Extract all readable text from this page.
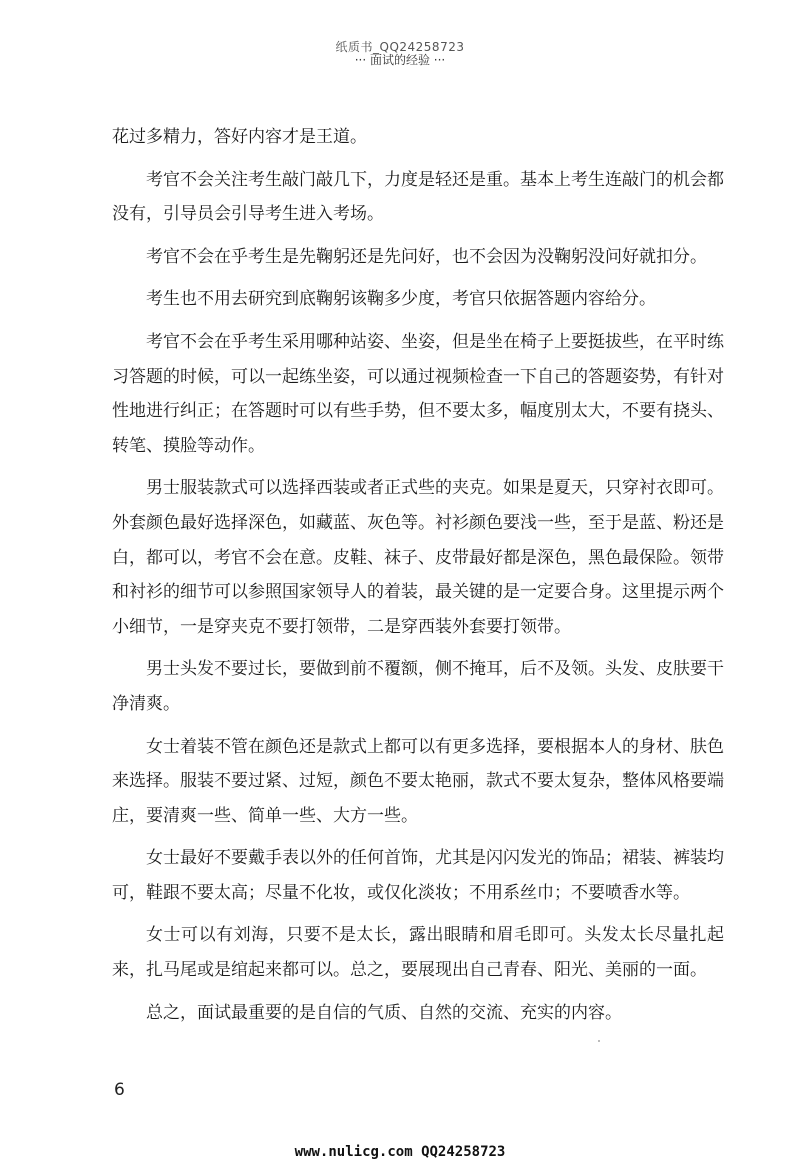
纸质书_QQ24258723
··· 面试的经验 ···

花过多精力，答好内容才是王道。

考官不会关注考生敲门敲几下，力度是轻还是重。基本上考生连敲门的机会都没有，引导员会引导考生进入考场。

考官不会在乎考生是先鞠躬还是先问好，也不会因为没鞠躬没问好就扣分。

考生也不用去研究到底鞠躬该鞠多少度，考官只依据答题内容给分。

考官不会在乎考生采用哪种站姿、坐姿，但是坐在椅子上要挺拔些，在平时练习答题的时候，可以一起练坐姿，可以通过视频检查一下自己的答题姿势，有针对性地进行纠正；在答题时可以有些手势，但不要太多，幅度別太大，不要有挠头、转笔、摸脸等动作。

男士服装款式可以选择西装或者正式些的夹克。如果是夏天，只穿衬衣即可。外套颜色最好选择深色，如藏蓝、灰色等。衬衫颜色要浅一些，至于是蓝、粉还是白，都可以，考官不会在意。皮鞋、袜子、皮带最好都是深色，黑色最保险。领带和衬衫的细节可以参照国家领导人的着装，最关键的是一定要合身。这里提示两个小细节，一是穿夹克不要打领带，二是穿西装外套要打领带。

男士头发不要过长，要做到前不覆额，侧不掩耳，后不及领。头发、皮肤要干净清爽。

女士着装不管在颜色还是款式上都可以有更多选择，要根据本人的身材、肤色来选择。服装不要过紧、过短，颜色不要太艳丽，款式不要太复杂，整体风格要端庄，要清爽一些、简单一些、大方一些。

女士最好不要戴手表以外的任何首饰，尤其是闪闪发光的饰品；裙装、裤装均可，鞋跟不要太高；尽量不化妆，或仅化淡妆；不用系丝巾；不要喷香水等。

女士可以有刘海，只要不是太长，露出眼睛和眉毛即可。头发太长尽量扎起来，扎马尾或是绾起来都可以。总之，要展现出自己青春、阳光、美丽的一面。

总之，面试最重要的是自信的气质、自然的交流、充实的内容。

6
www.nulicg.com QQ24258723
